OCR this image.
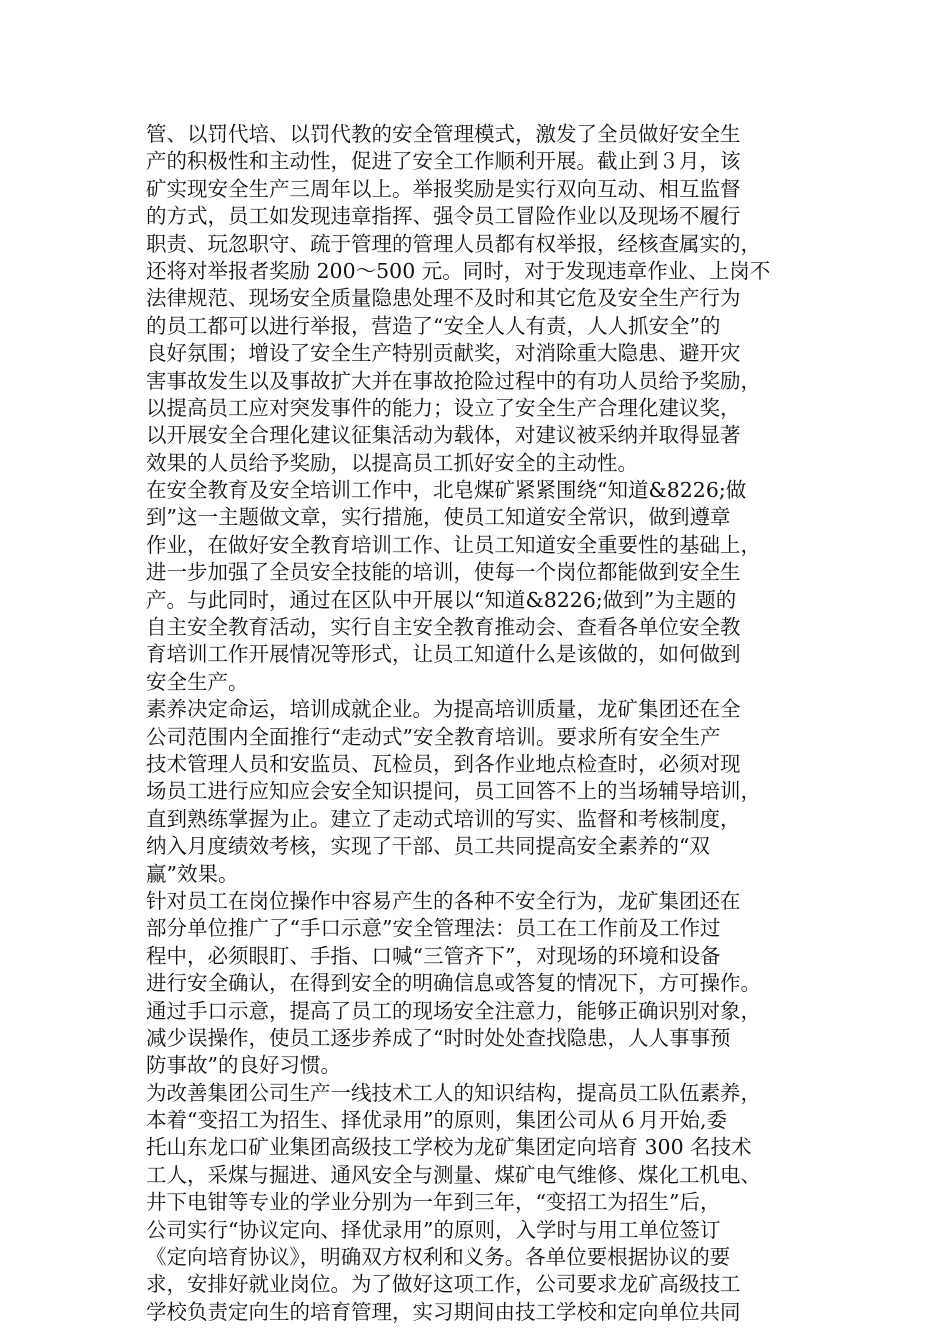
管、以罚代培、以罚代教的安全管理模式，激发了全员做好安全生
产的积极性和主动性，促进了安全工作顺利开展。截止到３月，该
矿实现安全生产三周年以上。举报奖励是实行双向互动、相互监督
的方式，员工如发现违章指挥、强令员工冒险作业以及现场不履行
职责、玩忽职守、疏于管理的管理人员都有权举报，经核查属实的，
还将对举报者奖励 200～500 元。同时，对于发现违章作业、上岗不
法律规范、现场安全质量隐患处理不及时和其它危及安全生产行为
的员工都可以进行举报，营造了“安全人人有责，人人抓安全”的
良好氛围；增设了安全生产特别贡献奖，对消除重大隐患、避开灾
害事故发生以及事故扩大并在事故抢险过程中的有功人员给予奖励，
以提高员工应对突发事件的能力；设立了安全生产合理化建议奖，
以开展安全合理化建议征集活动为载体，对建议被采纳并取得显著
效果的人员给予奖励，以提高员工抓好安全的主动性。
在安全教育及安全培训工作中，北皂煤矿紧紧围绕“知道&8226;做
到”这一主题做文章，实行措施，使员工知道安全常识，做到遵章
作业，在做好安全教育培训工作、让员工知道安全重要性的基础上，
进一步加强了全员安全技能的培训，使每一个岗位都能做到安全生
产。与此同时，通过在区队中开展以“知道&8226;做到”为主题的
自主安全教育活动，实行自主安全教育推动会、查看各单位安全教
育培训工作开展情况等形式，让员工知道什么是该做的，如何做到
安全生产。
素养决定命运，培训成就企业。为提高培训质量，龙矿集团还在全
公司范围内全面推行“走动式”安全教育培训。要求所有安全生产
技术管理人员和安监员、瓦检员，到各作业地点检查时，必须对现
场员工进行应知应会安全知识提问，员工回答不上的当场辅导培训，
直到熟练掌握为止。建立了走动式培训的写实、监督和考核制度，
纳入月度绩效考核，实现了干部、员工共同提高安全素养的“双
赢”效果。
针对员工在岗位操作中容易产生的各种不安全行为，龙矿集团还在
部分单位推广了“手口示意”安全管理法：员工在工作前及工作过
程中，必须眼盯、手指、口喊“三管齐下”，对现场的环境和设备
进行安全确认，在得到安全的明确信息或答复的情况下，方可操作。
通过手口示意，提高了员工的现场安全注意力，能够正确识别对象，
减少误操作，使员工逐步养成了“时时处处查找隐患，人人事事预
防事故”的良好习惯。
为改善集团公司生产一线技术工人的知识结构，提高员工队伍素养，
本着“变招工为招生、择优录用”的原则，集团公司从６月开始,委
托山东龙口矿业集团高级技工学校为龙矿集团定向培育 300 名技术
工人，采煤与掘进、通风安全与测量、煤矿电气维修、煤化工机电、
井下电钳等专业的学业分别为一年到三年，“变招工为招生”后，
公司实行“协议定向、择优录用”的原则，入学时与用工单位签订
《定向培育协议》，明确双方权利和义务。各单位要根据协议的要
求，安排好就业岗位。为了做好这项工作，公司要求龙矿高级技工
学校负责定向生的培育管理，实习期间由技工学校和定向单位共同
